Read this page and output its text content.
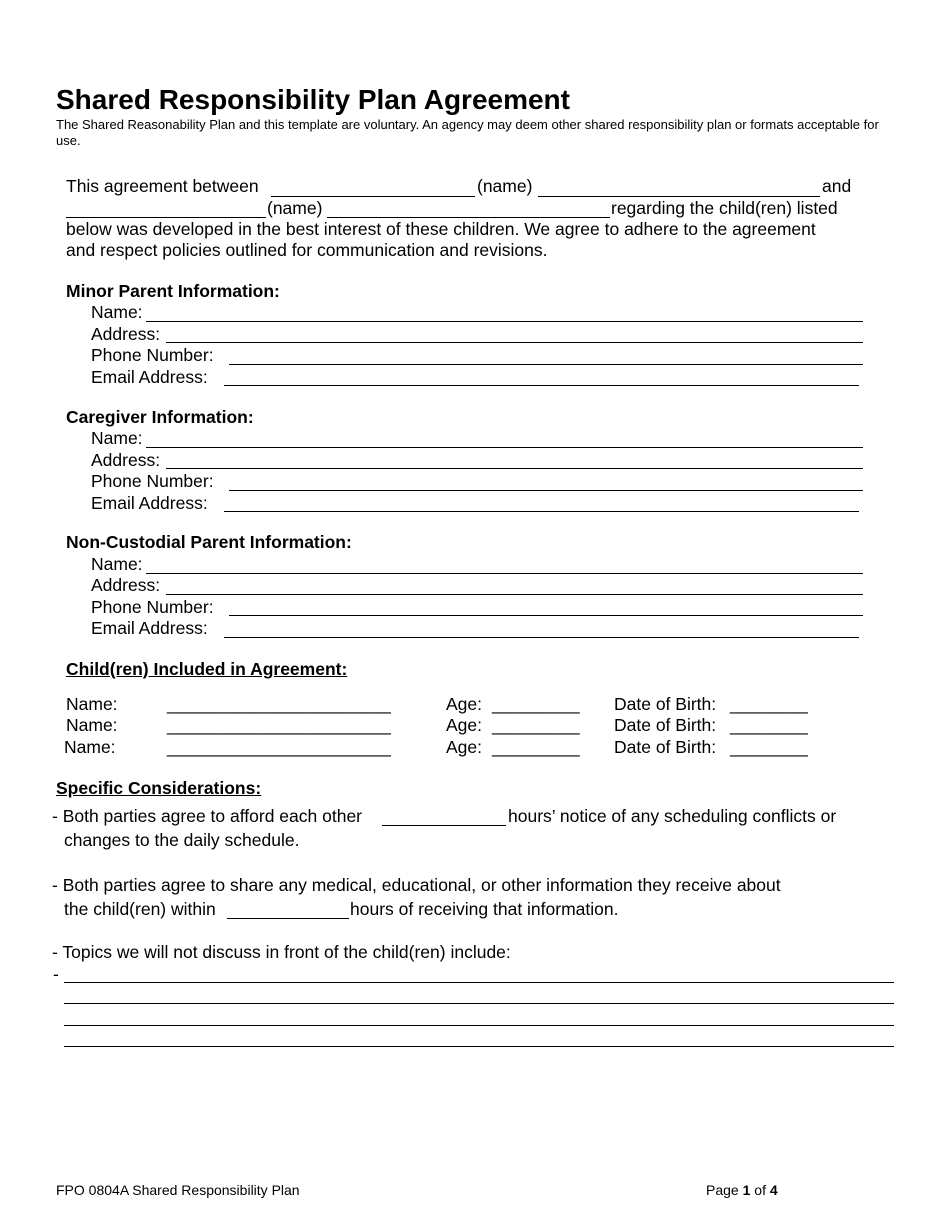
Shared Responsibility Plan Agreement
The Shared Reasonability Plan and this template are voluntary. An agency may deem other shared responsibility plan or formats acceptable for use.
This agreement between	(name)	and
(name)	regarding the child(ren) listed
below was developed in the best interest of these children. We agree to adhere to the agreement
and respect policies outlined for communication and revisions.
Minor Parent Information:
Name:
Address:
Phone Number:
Email Address:
Caregiver Information:
Name:
Address:
Phone Number:
Email Address:
Non-Custodial Parent Information:
Name:
Address:
Phone Number:
Email Address:
Child(ren) Included in Agreement:
Name:	_______________________	Age: _________ Date of Birth: ________
Name:	_______________________	Age: _________ Date of Birth: ________
Name:	_______________________	Age: _________ Date of Birth: ________
Specific Considerations:
- Both parties agree to afford each other	hours’ notice of any scheduling conflicts or
changes to the daily schedule.
- Both parties agree to share any medical, educational, or other information they receive about
the child(ren) within	hours of receiving that information.
- Topics we will not discuss in front of the child(ren) include:
-
FPO 0804A Shared Responsibility Plan	Page 1 of 4
